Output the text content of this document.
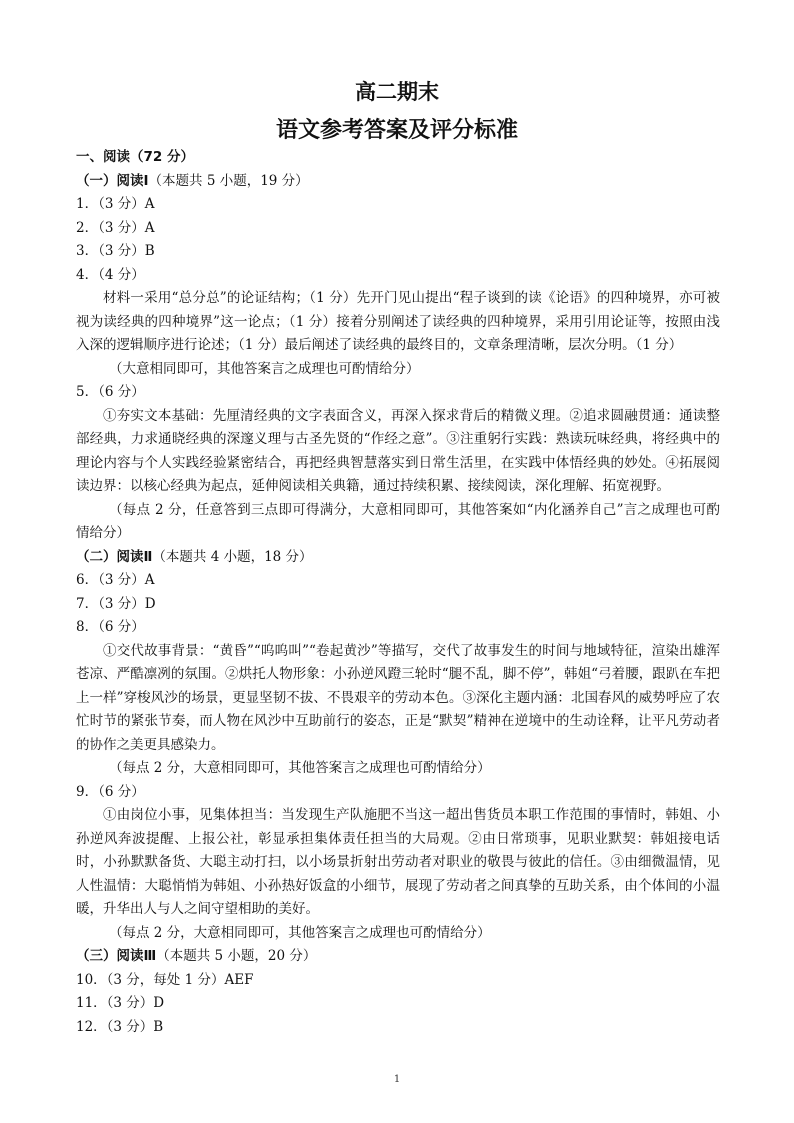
高二期末
语文参考答案及评分标准
一、阅读（72 分）
（一）阅读Ⅰ（本题共 5 小题，19 分）
1．（3 分）A
2．（3 分）A
3．（3 分）B
4．（4 分）
材料一采用“总分总”的论证结构；（1 分）先开门见山提出“程子谈到的读《论语》的四种境界，亦可被视为读经典的四种境界”这一论点；（1 分）接着分别阐述了读经典的四种境界，采用引用论证等，按照由浅入深的逻辑顺序进行论述；（1 分）最后阐述了读经典的最终目的，文章条理清晰，层次分明。（1 分）
（大意相同即可，其他答案言之成理也可酌情给分）
5．（6 分）
①夯实文本基础：先厘清经典的文字表面含义，再深入探求背后的精微义理。②追求圆融贯通：通读整部经典，力求通晓经典的深邃义理与古圣先贤的“作经之意”。③注重躬行实践：熟读玩味经典，将经典中的理论内容与个人实践经验紧密结合，再把经典智慧落实到日常生活里，在实践中体悟经典的妙处。④拓展阅读边界：以核心经典为起点，延伸阅读相关典籍，通过持续积累、接续阅读，深化理解、拓宽视野。
（每点 2 分，任意答到三点即可得满分，大意相同即可，其他答案如“内化涵养自己”言之成理也可酌情给分）
（二）阅读Ⅱ（本题共 4 小题，18 分）
6．（3 分）A
7．（3 分）D
8．（6 分）
①交代故事背景：“黄昏”“呜呜叫”“卷起黄沙”等描写，交代了故事发生的时间与地域特征，渲染出雄浑苍凉、严酷凛冽的氛围。②烘托人物形象：小孙逆风蹬三轮时“腿不乱，脚不停”，韩姐“弓着腰，跟趴在车把上一样”穿梭风沙的场景，更显坚韧不拔、不畏艰辛的劳动本色。③深化主题内涵：北国春风的威势呼应了农忙时节的紧张节奏，而人物在风沙中互助前行的姿态，正是“默契”精神在逆境中的生动诠释，让平凡劳动者的协作之美更具感染力。
（每点 2 分，大意相同即可，其他答案言之成理也可酌情给分）
9．（6 分）
①由岗位小事，见集体担当：当发现生产队施肥不当这一超出售货员本职工作范围的事情时，韩姐、小孙逆风奔波提醒、上报公社，彰显承担集体责任担当的大局观。②由日常琐事，见职业默契：韩姐接电话时，小孙默默备货、大聪主动打扫，以小场景折射出劳动者对职业的敬畏与彼此的信任。③由细微温情，见人性温情：大聪悄悄为韩姐、小孙热好饭盒的小细节，展现了劳动者之间真挚的互助关系，由个体间的小温暖，升华出人与人之间守望相助的美好。
（每点 2 分，大意相同即可，其他答案言之成理也可酌情给分）
（三）阅读Ⅲ（本题共 5 小题，20 分）
10．（3 分，每处 1 分）AEF
11．（3 分）D
12．（3 分）B
1
